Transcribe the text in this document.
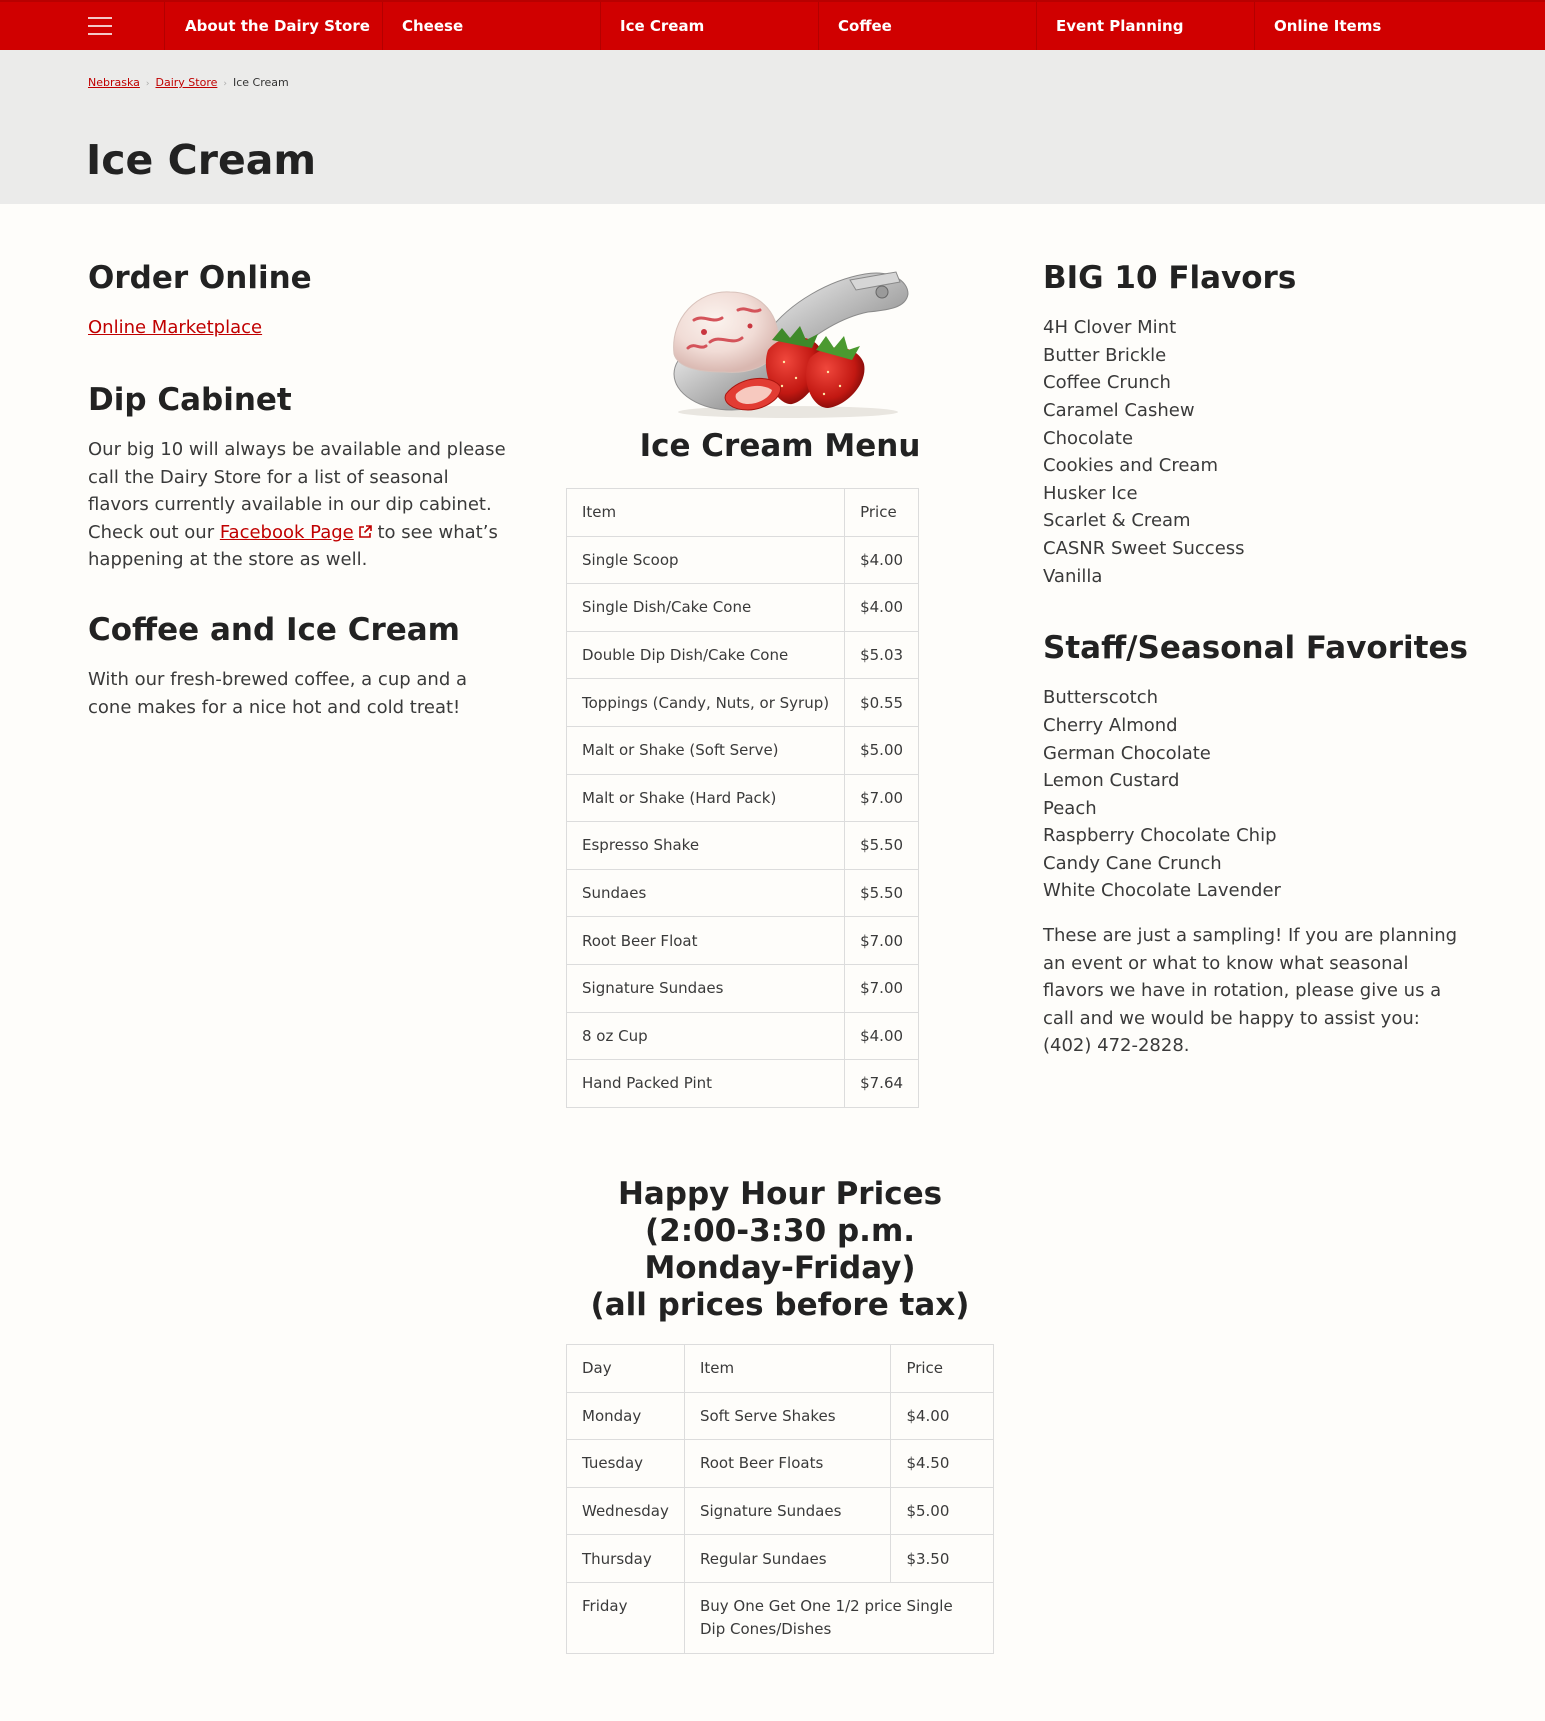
About the Dairy Store Cheese	Ice Cream	Coffee	Event Planning	Online Items
Nebraska › Dairy Store › Ice Cream
Ice Cream
Order Online

Online Marketplace

Dip Cabinet

Our big 10 will always be available and please call the Dairy Store for a list of seasonal flavors currently available in our dip cabinet. Check out our Facebook Page to see what’s happening at the store as well.

Coffee and Ice Cream

With our fresh-brewed coffee, a cup and a cone makes for a nice hot and cold treat!

Ice Cream Menu
Item	Price
Single Scoop	$4.00
Single Dish/Cake Cone	$4.00
Double Dip Dish/Cake Cone	$5.03
Toppings (Candy, Nuts, or Syrup)	$0.55
Malt or Shake (Soft Serve)	$5.00
Malt or Shake (Hard Pack)	$7.00
Espresso Shake	$5.50
Sundaes	$5.50
Root Beer Float	$7.00
Signature Sundaes	$7.00
8 oz Cup	$4.00
Hand Packed Pint	$7.64
Happy Hour Prices
(2:00-3:30 p.m. Monday-Friday)
(all prices before tax)
Day	Item	Price
Monday	Soft Serve Shakes	$4.00
Tuesday	Root Beer Floats	$4.50
Wednesday	Signature Sundaes	$5.00
Thursday	Regular Sundaes	$3.50
Friday	Buy One Get One 1/2 price Single Dip Cones/Dishes	
BIG 10 Flavors
4H Clover Mint
Butter Brickle
Coffee Crunch
Caramel Cashew
Chocolate
Cookies and Cream
Husker Ice
Scarlet & Cream
CASNR Sweet Success
Vanilla
Staff/Seasonal Favorites
Butterscotch
Cherry Almond
German Chocolate
Lemon Custard
Peach
Raspberry Chocolate Chip
Candy Cane Crunch
White Chocolate Lavender

These are just a sampling! If you are planning an event or what to know what seasonal flavors we have in rotation, please give us a call and we would be happy to assist you: (402) 472-2828.
